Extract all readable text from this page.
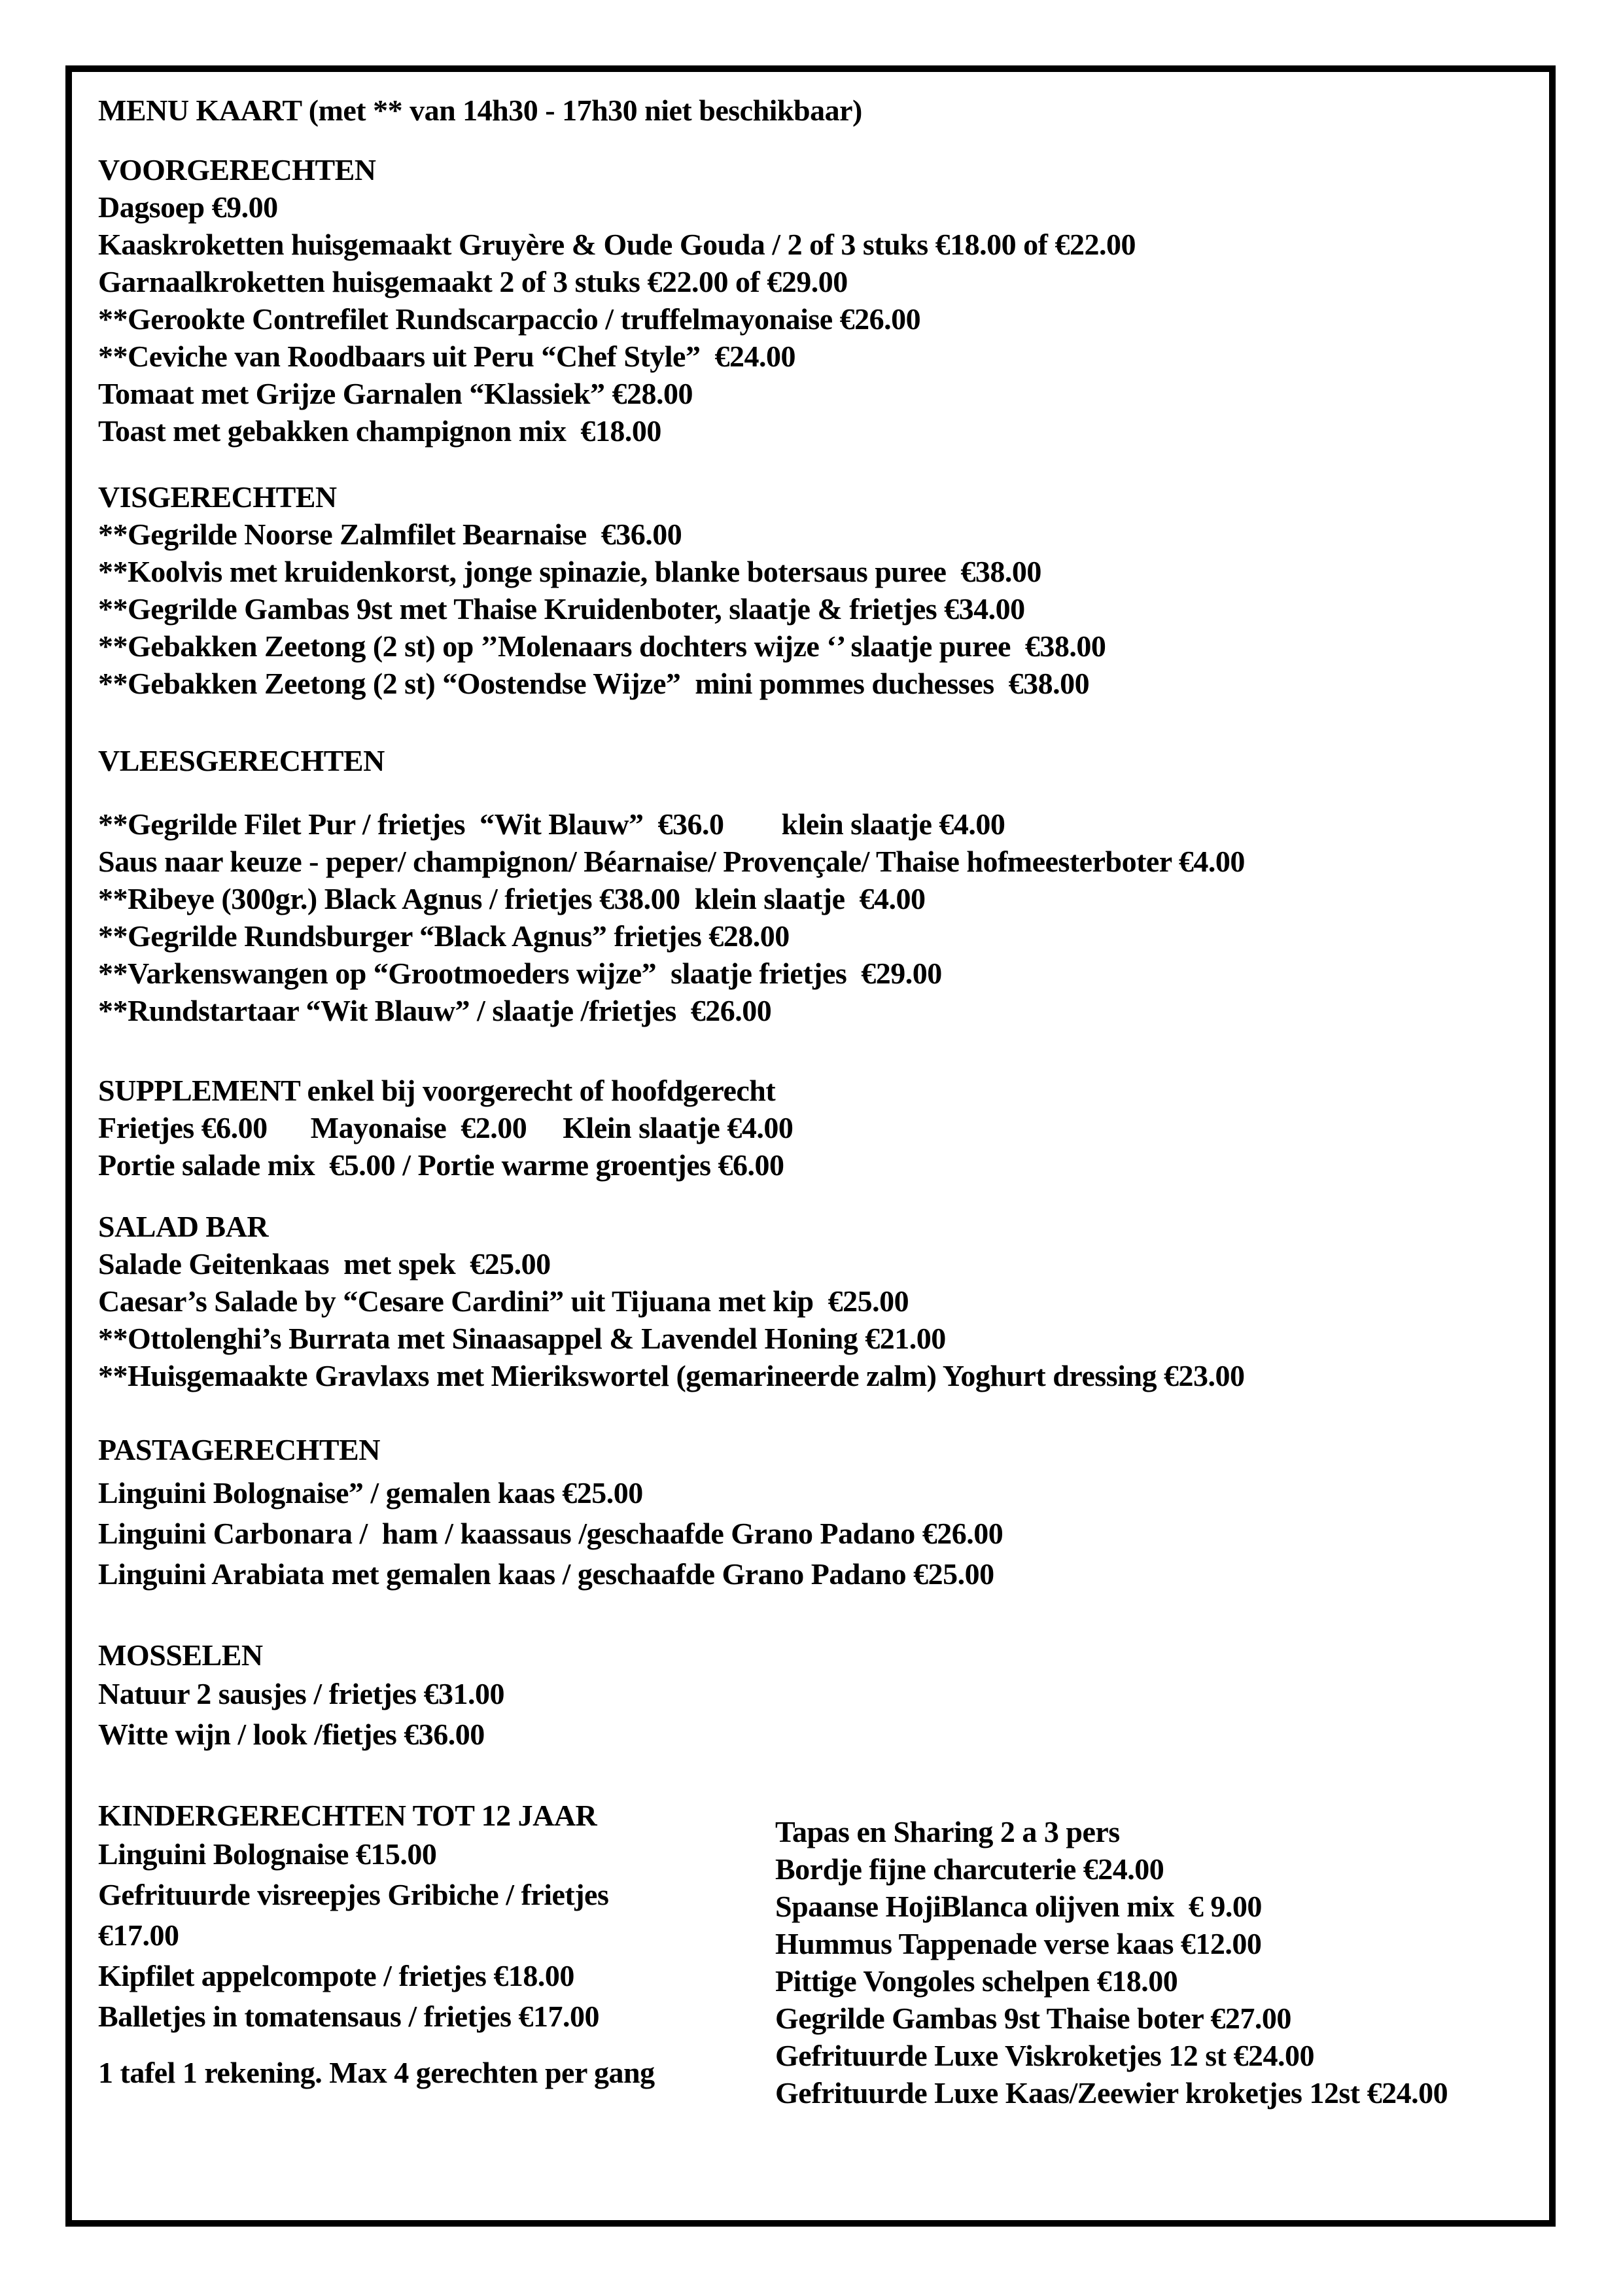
MENU KAART (met ** van 14h30 - 17h30 niet beschikbaar)

VOORGERECHTEN

Dagsoep €9.00

Kaaskroketten huisgemaakt Gruyère & Oude Gouda / 2 of 3 stuks €18.00 of €22.00

Garnaalkroketten huisgemaakt 2 of 3 stuks €22.00 of €29.00

**Gerookte Contrefilet Rundscarpaccio / truffelmayonaise €26.00

**Ceviche van Roodbaars uit Peru “Chef Style”  €24.00

Tomaat met Grijze Garnalen “Klassiek” €28.00

Toast met gebakken champignon mix  €18.00

VISGERECHTEN

**Gegrilde Noorse Zalmfilet Bearnaise  €36.00

**Koolvis met kruidenkorst, jonge spinazie, blanke botersaus puree  €38.00

**Gegrilde Gambas 9st met Thaise Kruidenboter, slaatje & frietjes €34.00

**Gebakken Zeetong (2 st) op ’’Molenaars dochters wijze ‘’ slaatje puree  €38.00

**Gebakken Zeetong (2 st) “Oostendse Wijze”  mini pommes duchesses  €38.00

VLEESGERECHTEN

**Gegrilde Filet Pur / frietjes  “Wit Blauw”  €36.0        klein slaatje €4.00

Saus naar keuze - peper/ champignon/ Béarnaise/ Provençale/ Thaise hofmeesterboter €4.00

**Ribeye (300gr.) Black Agnus / frietjes €38.00  klein slaatje  €4.00

**Gegrilde Rundsburger “Black Agnus” frietjes €28.00

**Varkenswangen op “Grootmoeders wijze”  slaatje frietjes  €29.00

**Rundstartaar “Wit Blauw” / slaatje /frietjes  €26.00

SUPPLEMENT enkel bij voorgerecht of hoofdgerecht

Frietjes €6.00      Mayonaise  €2.00     Klein slaatje €4.00

Portie salade mix  €5.00 / Portie warme groentjes €6.00

SALAD BAR

Salade Geitenkaas  met spek  €25.00

Caesar’s Salade by “Cesare Cardini” uit Tijuana met kip  €25.00

**Ottolenghi’s Burrata met Sinaasappel & Lavendel Honing €21.00

**Huisgemaakte Gravlaxs met Mierikswortel (gemarineerde zalm) Yoghurt dressing €23.00

PASTAGERECHTEN

Linguini Bolognaise” / gemalen kaas €25.00

Linguini Carbonara /  ham / kaassaus /geschaafde Grano Padano €26.00

Linguini Arabiata met gemalen kaas / geschaafde Grano Padano €25.00

MOSSELEN

Natuur 2 sausjes / frietjes €31.00

Witte wijn / look /fietjes €36.00

KINDERGERECHTEN TOT 12 JAAR

Linguini Bolognaise €15.00

Gefrituurde visreepjes Gribiche / frietjes

€17.00

Kipfilet appelcompote / frietjes €18.00

Balletjes in tomatensaus / frietjes €17.00

1 tafel 1 rekening. Max 4 gerechten per gang

Tapas en Sharing 2 a 3 pers

Bordje fijne charcuterie €24.00

Spaanse HojiBlanca olijven mix  € 9.00

Hummus Tappenade verse kaas €12.00

Pittige Vongoles schelpen €18.00

Gegrilde Gambas 9st Thaise boter €27.00

Gefrituurde Luxe Viskroketjes 12 st €24.00

Gefrituurde Luxe Kaas/Zeewier kroketjes 12st €24.00
